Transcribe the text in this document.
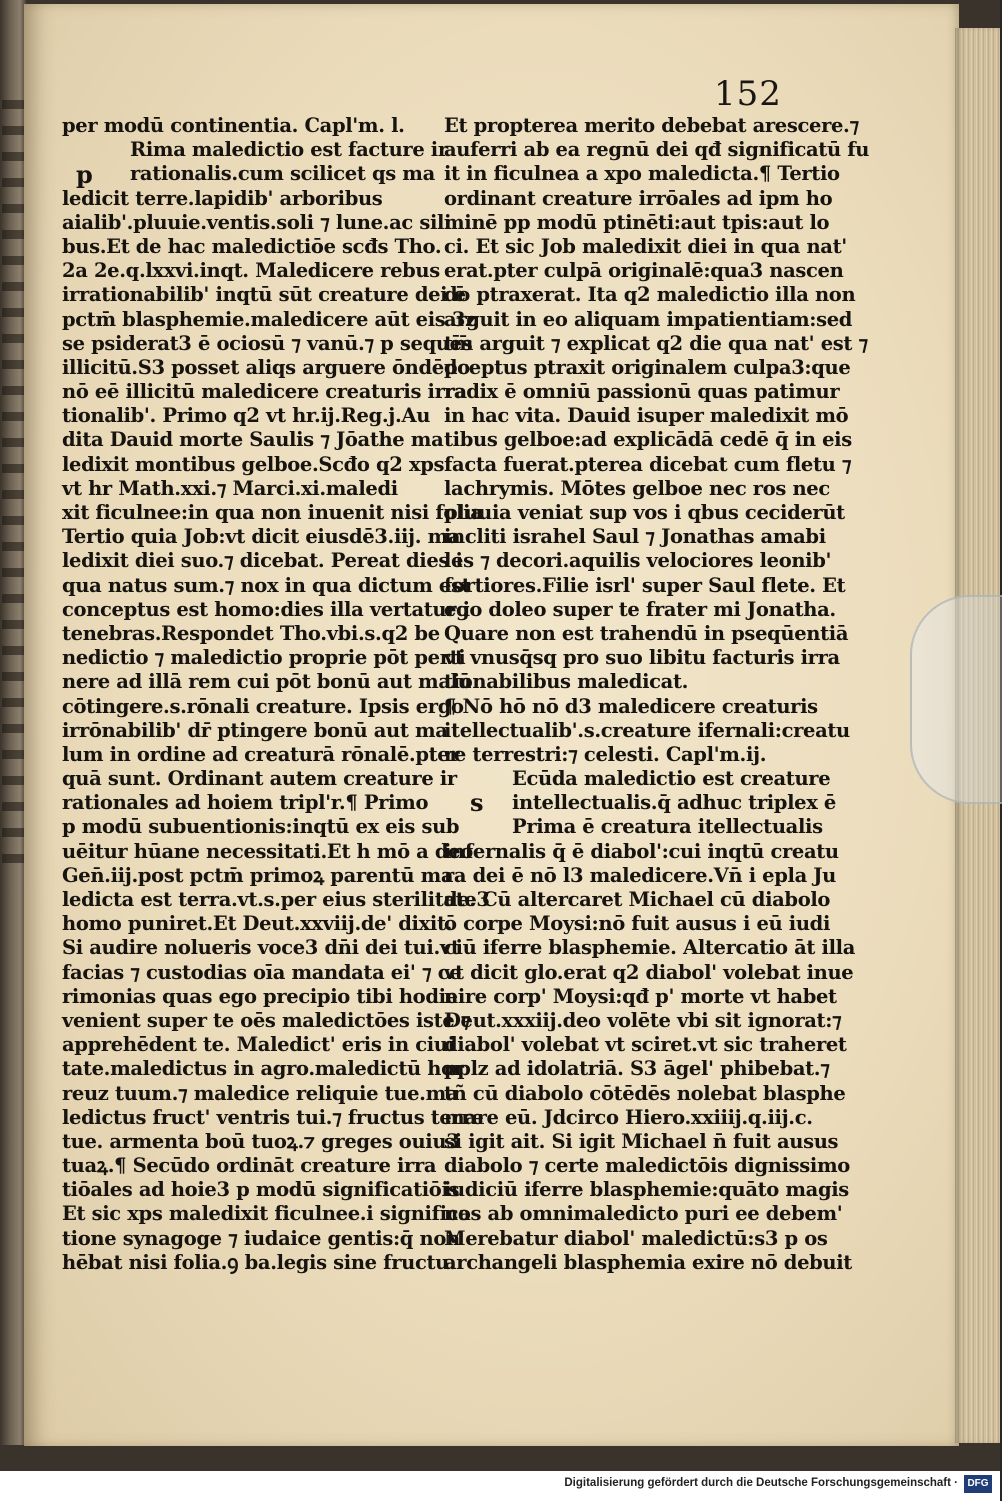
152
p
s
per modū continentia. Capl'm. l.
Rima maledictio est facture ir
rationalis.cum scilicet qs ma
ledicit terre.lapidib' arboribus
aialib'.pluuie.ventis.soli ⁊ lune.ac sili
bus.Et de hac maledictiōe scđs Tho.
2a 2e.q.lxxvi.inqt. Maledicere rebus
irrationabilib' inqtū sūt creature dei ē
pctm̄ blasphemie.maledicere aūt eis 3z
se psiderat3 ē ociosū ⁊ vanū.⁊ p sequēs
illicitū.S3 posset aliqs arguere ōndēdo
nō eē illicitū maledicere creaturis irra
tionalib'. Primo q2 vt hr.ij.Reg.j.Au
dita Dauid morte Saulis ⁊ Jōathe ma
ledixit montibus gelboe.Scđo q2 xps
vt hr Math.xxi.⁊ Marci.xi.maledi
xit ficulnee:in qua non inuenit nisi folia
Tertio quia Job:vt dicit eiusdē3.iij. ma
ledixit diei suo.⁊ dicebat. Pereat dies i
qua natus sum.⁊ nox in qua dictum est
conceptus est homo:dies illa vertatur i
tenebras.Respondet Tho.vbi.s.q2 be
nedictio ⁊ maledictio proprie pōt perti
nere ad illā rem cui pōt bonū aut malū
cōtingere.s.rōnali creature. Ipsis ergo
irrōnabilib' dr̄ ptingere bonū aut ma
lum in ordine ad creaturā rōnalē.pter
quā sunt. Ordinant autem creature ir
rationales ad hoiem tripl'r.¶ Primo
p modū subuentionis:inqtū ex eis sub
uēitur hūane necessitati.Et h mō a deo
Gen̄.iij.post pctm̄ primoꝝ parentū ma
ledicta est terra.vt.s.per eius sterilitate3
homo puniret.Et Deut.xxviij.de' dixit.
Si audire nolueris voce3 dn̄i dei tui.vt
facias ⁊ custodias oīa mandata ei' ⁊ ce
rimonias quas ego precipio tibi hodie
venient super te oēs maledictōes iste ⁊
apprehēdent te. Maledict' eris in ciui
tate.maledictus in agro.maledictū hor
reuz tuum.⁊ maledice reliquie tue.ma
ledictus fruct' ventris tui.⁊ fructus terre
tue. armenta boū tuoꝝ.⁊ greges ouiu3
tuaꝝ.¶ Secūdo ordināt creature irra
tiōales ad hoie3 p modū significatiōis
Et sic xps maledixit ficulnee.i significa
tione synagoge ⁊ iudaice gentis:q̄ non
hēbat nisi folia.ꝯ ba.legis sine fructu.
Et propterea merito debebat arescere.⁊
auferri ab ea regnū dei qđ significatū fu
it in ficulnea a xpo maledicta.¶ Tertio
ordinant creature irrōales ad ipm ho
minē pp modū ptinēti:aut tpis:aut lo
ci. Et sic Job maledixit diei in qua nat'
erat.pter culpā originalē:qua3 nascen
do ptraxerat. Ita q2 maledictio illa non
arguit in eo aliquam impatientiam:sed
tm̄ arguit ⁊ explicat q2 die qua nat' est ⁊
pceptus ptraxit originalem culpa3:que
radix ē omniū passionū quas patimur
in hac vita. Dauid isuper maledixit mō
tibus gelboe:ad explicādā cedē q̄ in eis
facta fuerat.pterea dicebat cum fletu ⁊
lachrymis. Mōtes gelboe nec ros nec
pluuia veniat sup vos i qbus ceciderūt
incliti israhel Saul ⁊ Jonathas amabi
les ⁊ decori.aquilis velociores leonib'
fortiores.Filie isrl' super Saul flete. Et
ego doleo super te frater mi Jonatha.
Quare non est trahendū in pseqūentiā
vt vnusq̄sq pro suo libitu facturis irra
tionabilibus maledicat.
¶ Nō hō nō d3 maledicere creaturis
itellectualib'.s.creature ifernali:creatu
re terrestri:⁊ celesti. Capl'm.ij.
Ecūda maledictio est creature
intellectualis.q̄ adhuc triplex ē
Prima ē creatura itellectualis
infernalis q̄ ē diabol':cui inqtū creatu
ra dei ē nō l3 maledicere.Vn̄ i epla Ju
de. Cū altercaret Michael cū diabolo
ō corpe Moysi:nō fuit ausus i eū iudi
ciū iferre blasphemie. Altercatio āt illa
vt dicit glo.erat q2 diabol' volebat inue
nire corp' Moysi:qđ p' morte vt habet
Deut.xxxiij.deo volēte vbi sit ignorat:⁊
diabol' volebat vt sciret.vt sic traheret
pplz ad idolatriā. S3 āgel' phibebat.⁊
tñ cū diabolo cōtēdēs nolebat blasphe
mare eū. Jdcirco Hiero.xxiiij.q.iij.c.
si igit ait. Si igit Michael n̄ fuit ausus
diabolo ⁊ certe maledictōis dignissimo
iudiciū iferre blasphemie:quāto magis
nos ab omnimaledicto puri ee debem'
Merebatur diabol' maledictū:s3 p os
archangeli blasphemia exire nō debuit
Digitalisierung gefördert durch die Deutsche Forschungsgemeinschaft · DFG
